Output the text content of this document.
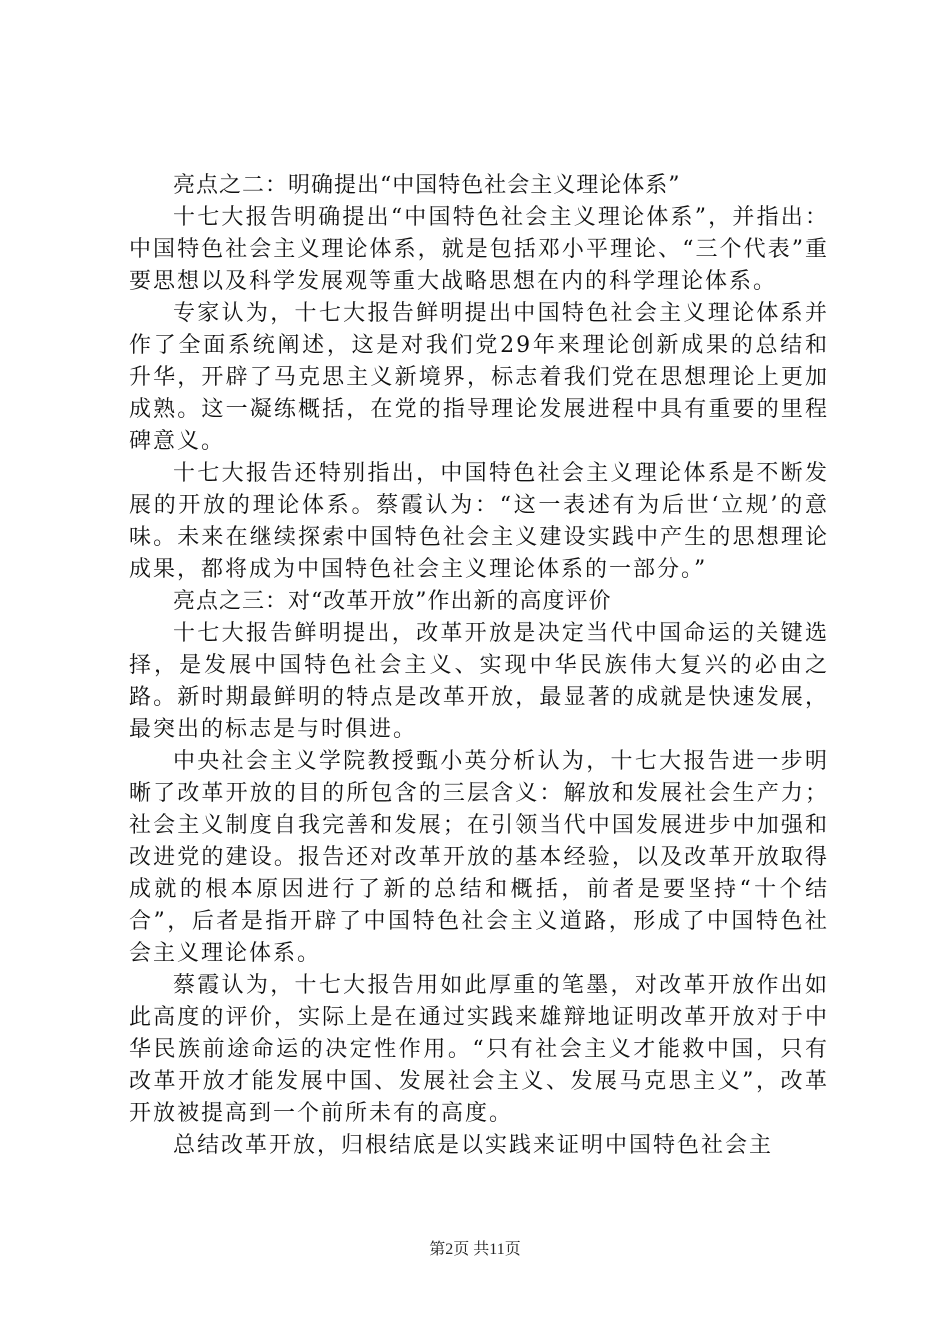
亮点之二：明确提出“中国特色社会主义理论体系”

十七大报告明确提出“中国特色社会主义理论体系”，并指出：中国特色社会主义理论体系，就是包括邓小平理论、“三个代表”重要思想以及科学发展观等重大战略思想在内的科学理论体系。

专家认为，十七大报告鲜明提出中国特色社会主义理论体系并作了全面系统阐述，这是对我们党29年来理论创新成果的总结和升华，开辟了马克思主义新境界，标志着我们党在思想理论上更加成熟。这一凝练概括，在党的指导理论发展进程中具有重要的里程碑意义。

十七大报告还特别指出，中国特色社会主义理论体系是不断发展的开放的理论体系。蔡霞认为：“这一表述有为后世‘立规’的意味。未来在继续探索中国特色社会主义建设实践中产生的思想理论成果，都将成为中国特色社会主义理论体系的一部分。”

亮点之三：对“改革开放”作出新的高度评价

十七大报告鲜明提出，改革开放是决定当代中国命运的关键选择，是发展中国特色社会主义、实现中华民族伟大复兴的必由之路。新时期最鲜明的特点是改革开放，最显著的成就是快速发展，最突出的标志是与时俱进。

中央社会主义学院教授甄小英分析认为，十七大报告进一步明晰了改革开放的目的所包含的三层含义：解放和发展社会生产力；社会主义制度自我完善和发展；在引领当代中国发展进步中加强和改进党的建设。报告还对改革开放的基本经验，以及改革开放取得成就的根本原因进行了新的总结和概括，前者是要坚持“十个结合”，后者是指开辟了中国特色社会主义道路，形成了中国特色社会主义理论体系。

蔡霞认为，十七大报告用如此厚重的笔墨，对改革开放作出如此高度的评价，实际上是在通过实践来雄辩地证明改革开放对于中华民族前途命运的决定性作用。“只有社会主义才能救中国，只有改革开放才能发展中国、发展社会主义、发展马克思主义”，改革开放被提高到一个前所未有的高度。

总结改革开放，归根结底是以实践来证明中国特色社会主

第2页 共11页
